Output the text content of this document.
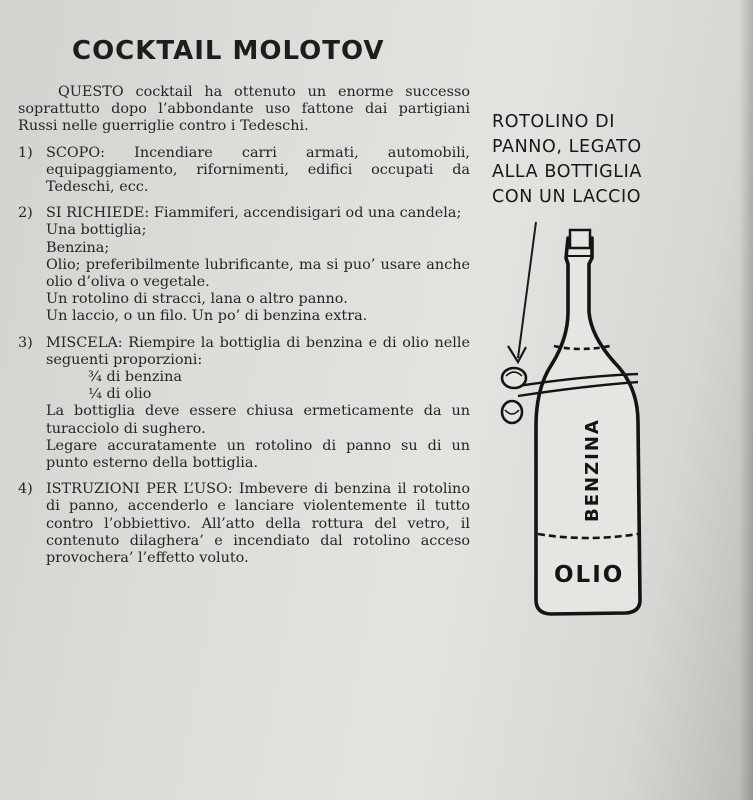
COCKTAIL MOLOTOV

QUESTO cocktail ha ottenuto un enorme successo soprattutto dopo l’abbondante uso fattone dai partigiani Russi nelle guerriglie contro i Tedeschi.

1) SCOPO: Incendiare carri armati, automobili, equipaggiamento, rifornimenti, edifici occupati da Tedeschi, ecc.

2) SI RICHIEDE: Fiammiferi, accendisigari od una candela;

Una bottiglia;

Benzina;

Olio; preferibilmente lubrificante, ma si puo’ usare anche olio d’oliva o vegetale.

Un rotolino di stracci, lana o altro panno.

Un laccio, o un filo. Un po’ di benzina extra.

3) MISCELA: Riempire la bottiglia di benzina e di olio nelle seguenti proporzioni:

¾ di benzina

¼ di olio

La bottiglia deve essere chiusa ermeticamente da un turacciolo di sughero.

Legare accuratamente un rotolino di panno su di un punto esterno della bottiglia.

4) ISTRUZIONI PER L’USO: Imbevere di benzina il rotolino di panno, accenderlo e lanciare violentemente il tutto contro l’obbiettivo. All’atto della rottura del vetro, il contenuto dilaghera’ e incendiato dal rotolino acceso provochera’ l’effetto voluto.

ROTOLINO DI
PANNO, LEGATO
ALLA BOTTIGLIA
CON UN LACCIO
BENZINA
OLIO
